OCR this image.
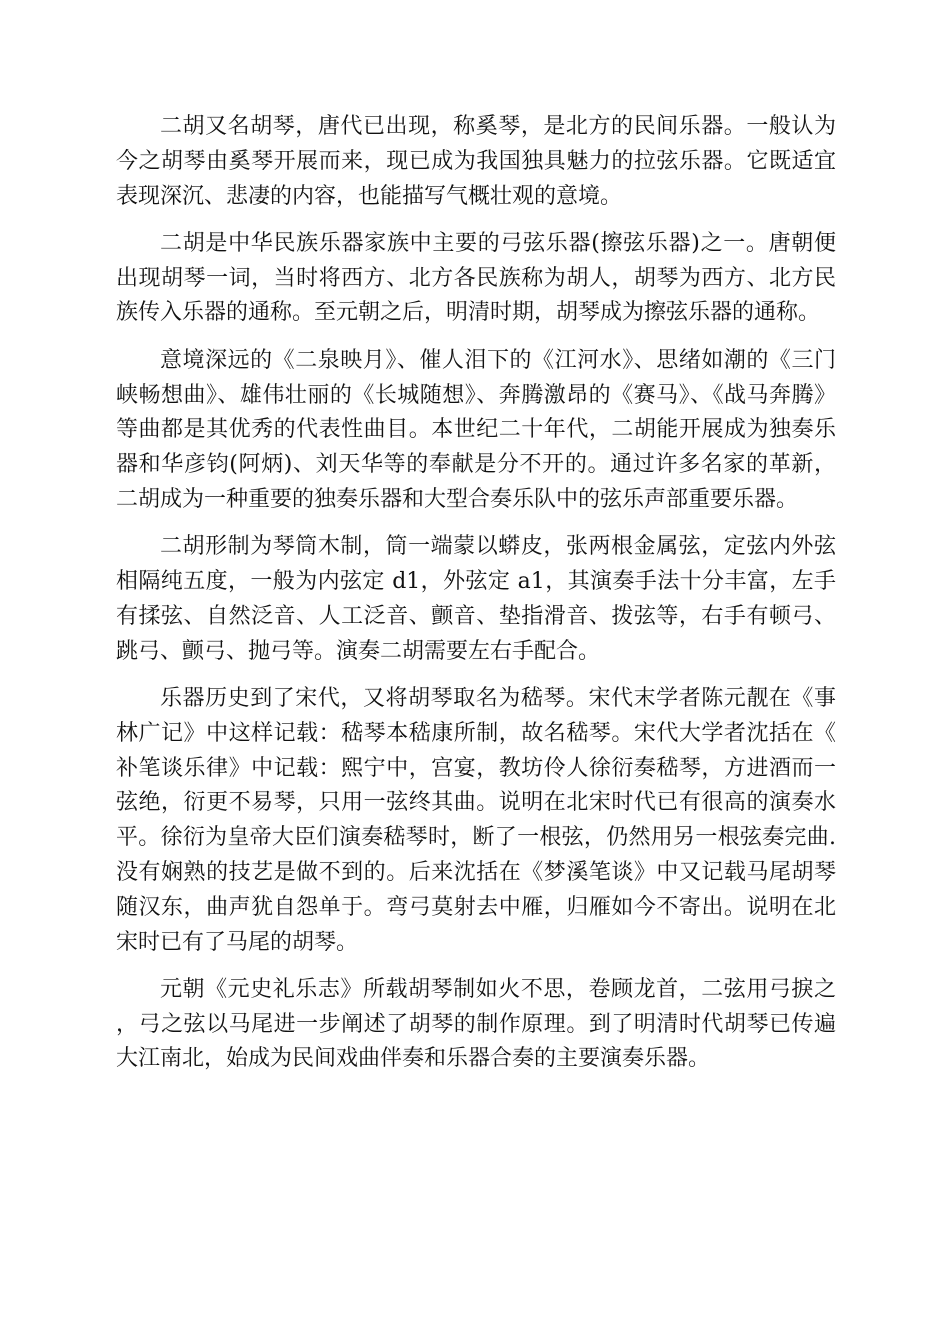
二胡又名胡琴，唐代已出现，称奚琴，是北方的民间乐器。一般认为今之胡琴由奚琴开展而来，现已成为我国独具魅力的拉弦乐器。它既适宜表现深沉、悲凄的内容，也能描写气概壮观的意境。

二胡是中华民族乐器家族中主要的弓弦乐器(擦弦乐器)之一。唐朝便出现胡琴一词，当时将西方、北方各民族称为胡人，胡琴为西方、北方民族传入乐器的通称。至元朝之后，明清时期，胡琴成为擦弦乐器的通称。

意境深远的《二泉映月》、催人泪下的《江河水》、思绪如潮的《三门峡畅想曲》、雄伟壮丽的《长城随想》、奔腾激昂的《赛马》、《战马奔腾》等曲都是其优秀的代表性曲目。本世纪二十年代，二胡能开展成为独奏乐器和华彦钧(阿炳)、刘天华等的奉献是分不开的。通过许多名家的革新，二胡成为一种重要的独奏乐器和大型合奏乐队中的弦乐声部重要乐器。

二胡形制为琴筒木制，筒一端蒙以蟒皮，张两根金属弦，定弦内外弦相隔纯五度，一般为内弦定 d1，外弦定 a1，其演奏手法十分丰富，左手有揉弦、自然泛音、人工泛音、颤音、垫指滑音、拨弦等，右手有顿弓、跳弓、颤弓、抛弓等。演奏二胡需要左右手配合。

乐器历史到了宋代，又将胡琴取名为嵇琴。宋代末学者陈元靓在《事林广记》中这样记载：嵇琴本嵇康所制，故名嵇琴。宋代大学者沈括在《补笔谈乐律》中记载：熙宁中，宫宴，教坊伶人徐衍奏嵇琴，方进酒而一弦绝，衍更不易琴，只用一弦终其曲。说明在北宋时代已有很高的演奏水平。徐衍为皇帝大臣们演奏嵇琴时，断了一根弦，仍然用另一根弦奏完曲.没有娴熟的技艺是做不到的。后来沈括在《梦溪笔谈》中又记载马尾胡琴随汉东，曲声犹自怨单于。弯弓莫射去中雁，归雁如今不寄出。说明在北宋时已有了马尾的胡琴。

元朝《元史礼乐志》所载胡琴制如火不思，卷顾龙首，二弦用弓捩之，弓之弦以马尾进一步阐述了胡琴的制作原理。到了明清时代胡琴已传遍大江南北，始成为民间戏曲伴奏和乐器合奏的主要演奏乐器。
